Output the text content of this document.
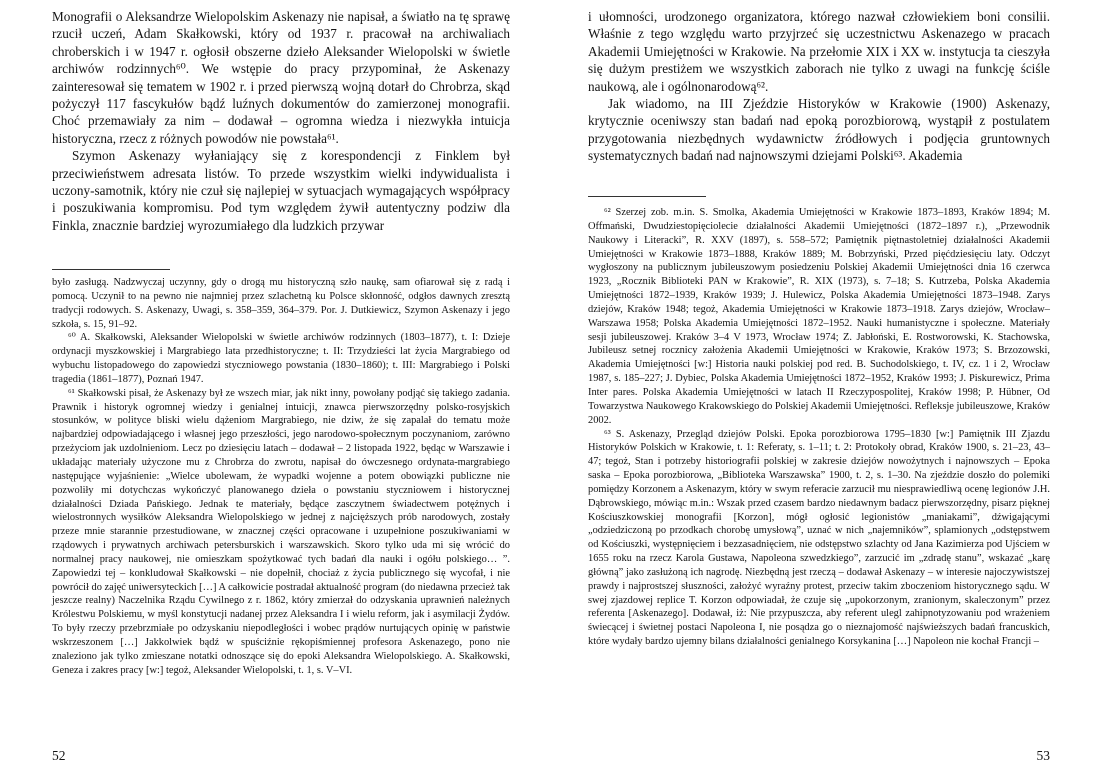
Monografii o Aleksandrze Wielopolskim Askenazy nie napisał, a światło na tę sprawę rzucił uczeń, Adam Skałkowski, który od 1937 r. pracował na archiwaliach chroberskich i w 1947 r. ogłosił obszerne dzieło Aleksander Wielopolski w świetle archiwów rodzinnych⁶⁰. We wstępie do pracy przypominał, że Askenazy zainteresował się tematem w 1902 r. i przed pierwszą wojną dotarł do Chrobrza, skąd pożyczył 117 fascykułów bądź luźnych dokumentów do zamierzonej monografii. Choć przemawiały za nim – dodawał – ogromna wiedza i niezwykła intuicja historyczna, rzecz z różnych powodów nie powstała⁶¹.

Szymon Askenazy wyłaniający się z korespondencji z Finklem był przeciwieństwem adresata listów. To przede wszystkim wielki indywidualista i uczony-samotnik, który nie czuł się najlepiej w sytuacjach wymagających współpracy i poszukiwania kompromisu. Pod tym względem żywił autentyczny podziw dla Finkla, znacznie bardziej wyrozumiałego dla ludzkich przywar

było zasługą. Nadzwyczaj uczynny, gdy o drogą mu historyczną szło naukę, sam ofiarował się z radą i pomocą. Uczynił to na pewno nie najmniej przez szlachetną ku Polsce skłonność, odgłos dawnych zresztą tradycji rodowych. S. Askenazy, Uwagi, s. 358–359, 364–379. Por. J. Dutkiewicz, Szymon Askenazy i jego szkoła, s. 15, 91–92.

⁶⁰ A. Skałkowski, Aleksander Wielopolski w świetle archiwów rodzinnych (1803–1877), t. I: Dzieje ordynacji myszkowskiej i Margrabiego lata przedhistoryczne; t. II: Trzydzieści lat życia Margrabiego od wybuchu listopadowego do zapowiedzi styczniowego powstania (1830–1860); t. III: Margrabiego i Polski tragedia (1861–1877), Poznań 1947.

⁶¹ Skałkowski pisał, że Askenazy był ze wszech miar, jak nikt inny, powołany podjąć się takiego zadania. Prawnik i historyk ogromnej wiedzy i genialnej intuicji, znawca pierwszorzędny polsko-rosyjskich stosunków, w polityce bliski wielu dążeniom Margrabiego, nie dziw, że się zapalał do tematu może najbardziej odpowiadającego i własnej jego przeszłości, jego narodowo-społecznym poczynaniom, zarówno przeżyciom jak uzdolnieniom. Lecz po dziesięciu latach – dodawał – 2 listopada 1922, będąc w Warszawie i układając materiały użyczone mu z Chrobrza do zwrotu, napisał do ówczesnego ordynata-margrabiego następujące wyjaśnienie: „Wielce ubolewam, że wypadki wojenne a potem obowiązki publiczne nie pozwoliły mi dotychczas wykończyć planowanego dzieła o powstaniu styczniowem i historycznej działalności Dziada Pańskiego. Jednak te materiały, będące zasczytnem świadectwem potężnych i wielostronnych wysiłków Aleksandra Wielopolskiego w jednej z najcięższych prób narodowych, zostały przeze mnie starannie przestudiowane, w znacznej części opracowane i uzupełnione poszukiwaniami w rządowych i prywatnych archiwach petersburskich i warszawskich. Skoro tylko uda mi się wrócić do normalnej pracy naukowej, nie omieszkam spożytkować tych badań dla nauki i ogółu polskiego… ”. Zapowiedzi tej – konkludował Skałkowski – nie dopełnił, chociaż z życia publicznego się wycofał, i nie powrócił do zajęć uniwersyteckich […] A całkowicie postradał aktualność program (do niedawna przecież tak jeszcze realny) Naczelnika Rządu Cywilnego z r. 1862, który zmierzał do odzyskania uprawnień należnych Królestwu Polskiemu, w myśl konstytucji nadanej przez Aleksandra I i wielu reform, jak i asymilacji Żydów. To były rzeczy przebrzmiałe po odzyskaniu niepodległości i wobec prądów nurtujących opinię w państwie wskrzeszonem […] Jakkolwiek bądź w spuściźnie rękopiśmiennej profesora Askenazego, pono nie znaleziono jak tylko zmieszane notatki odnoszące się do epoki Aleksandra Wielopolskiego. A. Skałkowski, Geneza i zakres pracy [w:] tegoż, Aleksander Wielopolski, t. 1, s. V–VI.

52

i ułomności, urodzonego organizatora, którego nazwał człowiekiem boni consilii. Właśnie z tego względu warto przyjrzeć się uczestnictwu Askenazego w pracach Akademii Umiejętności w Krakowie. Na przełomie XIX i XX w. instytucja ta cieszyła się dużym prestiżem we wszystkich zaborach nie tylko z uwagi na funkcję ściśle naukową, ale i ogólnonarodową⁶².

Jak wiadomo, na III Zjeździe Historyków w Krakowie (1900) Askenazy, krytycznie oceniwszy stan badań nad epoką porozbiorową, wystąpił z postulatem przygotowania niezbędnych wydawnictw źródłowych i podjęcia gruntownych systematycznych badań nad najnowszymi dziejami Polski⁶³. Akademia

⁶² Szerzej zob. m.in. S. Smolka, Akademia Umiejętności w Krakowie 1873–1893, Kraków 1894; M. Offmański, Dwudziestopięciolecie działalności Akademii Umiejętności (1872–1897 r.), „Przewodnik Naukowy i Literacki”, R. XXV (1897), s. 558–572; Pamiętnik piętnastoletniej działalności Akademii Umiejętności w Krakowie 1873–1888, Kraków 1889; M. Bobrzyński, Przed pięćdziesięciu laty. Odczyt wygłoszony na publicznym jubileuszowym posiedzeniu Polskiej Akademii Umiejętności dnia 16 czerwca 1923, „Rocznik Biblioteki PAN w Krakowie”, R. XIX (1973), s. 7–18; S. Kutrzeba, Polska Akademia Umiejętności 1872–1939, Kraków 1939; J. Hulewicz, Polska Akademia Umiejętności 1873–1948. Zarys dziejów, Kraków 1948; tegoż, Akademia Umiejętności w Krakowie 1873–1918. Zarys dziejów, Wrocław–Warszawa 1958; Polska Akademia Umiejętności 1872–1952. Nauki humanistyczne i społeczne. Materiały sesji jubileuszowej. Kraków 3–4 V 1973, Wrocław 1974; Z. Jabłoński, E. Rostworowski, K. Stachowska, Jubileusz setnej rocznicy założenia Akademii Umiejętności w Krakowie, Kraków 1973; S. Brzozowski, Akademia Umiejętności [w:] Historia nauki polskiej pod red. B. Suchodolskiego, t. IV, cz. 1 i 2, Wrocław 1987, s. 185–227; J. Dybiec, Polska Akademia Umiejętności 1872–1952, Kraków 1993; J. Piskurewicz, Prima Inter pares. Polska Akademia Umiejętności w latach II Rzeczypospolitej, Kraków 1998; P. Hübner, Od Towarzystwa Naukowego Krakowskiego do Polskiej Akademii Umiejętności. Refleksje jubileuszowe, Kraków 2002.

⁶³ S. Askenazy, Przegląd dziejów Polski. Epoka porozbiorowa 1795–1830 [w:] Pamiętnik III Zjazdu Historyków Polskich w Krakowie, t. 1: Referaty, s. 1–11; t. 2: Protokoły obrad, Kraków 1900, s. 21–23, 43–47; tegoż, Stan i potrzeby historiografii polskiej w zakresie dziejów nowożytnych i najnowszych – Epoka saska – Epoka porozbiorowa, „Biblioteka Warszawska” 1900, t. 2, s. 1–30. Na zjeździe doszło do polemiki pomiędzy Korzonem a Askenazym, który w swym referacie zarzucił mu niesprawiedliwą ocenę legionów J.H. Dąbrowskiego, mówiąc m.in.: Wszak przed czasem bardzo niedawnym badacz pierwszorzędny, pisarz pięknej Kościuszkowskiej monografii [Korzon], mógł ogłosić legionistów „maniakami”, dźwigającymi „odziedziczoną po przodkach chorobę umysłową”, uznać w nich „najemników”, splamionych „odstępstwem od Kościuszki, występnięciem i bezzasadnięciem, nie odstępstwo szlachty od Jana Kazimierza pod Ujściem w 1655 roku na rzecz Karola Gustawa, Napoleona szwedzkiego”, zarzucić im „zdradę stanu”, wskazać „karę główną” jako zasłużoną ich nagrodę. Niezbędną jest rzeczą – dodawał Askenazy – w interesie najoczywistszej prawdy i najprostszej słuszności, założyć wyraźny protest, przeciw takim zboczeniom historycznego sądu. W swej zjazdowej replice T. Korzon odpowiadał, że czuje się „upokorzonym, zranionym, skaleczonym” przez referenta [Askenazego]. Dodawał, iż: Nie przypuszcza, aby referent ulegl zahipnotyzowaniu pod wrażeniem świecącej i świetnej postaci Napoleona I, nie posądza go o nieznajomość najświeższych badań francuskich, które wydały bardzo ujemny bilans działalności genialnego Korsykanina […] Napoleon nie kochał Francji –

53
